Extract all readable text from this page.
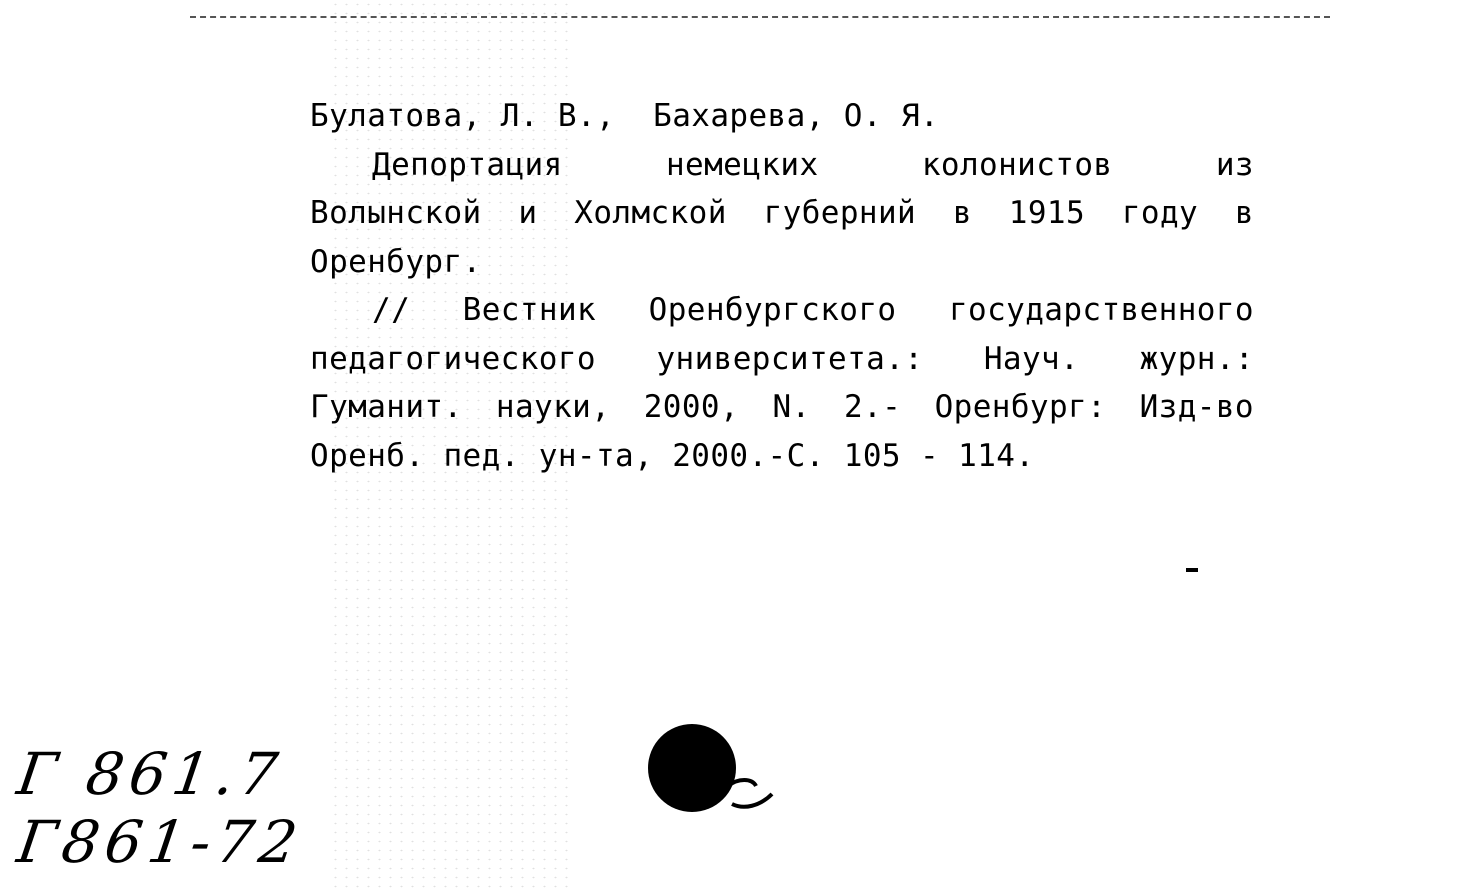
Булатова, Л. В.,  Бахарева, О. Я.
Депортация немецких колонистов из
Волынской и Холмской губерний в 1915 году в
Оренбург.
// Вестник Оренбургского государственного
педагогического университета.: Науч. журн.:
Гуманит. науки, 2000, N. 2.- Оренбург: Изд-во
Оренб. пед. ун-та, 2000.-С. 105 - 114.
Г 861.7
Г861-72
